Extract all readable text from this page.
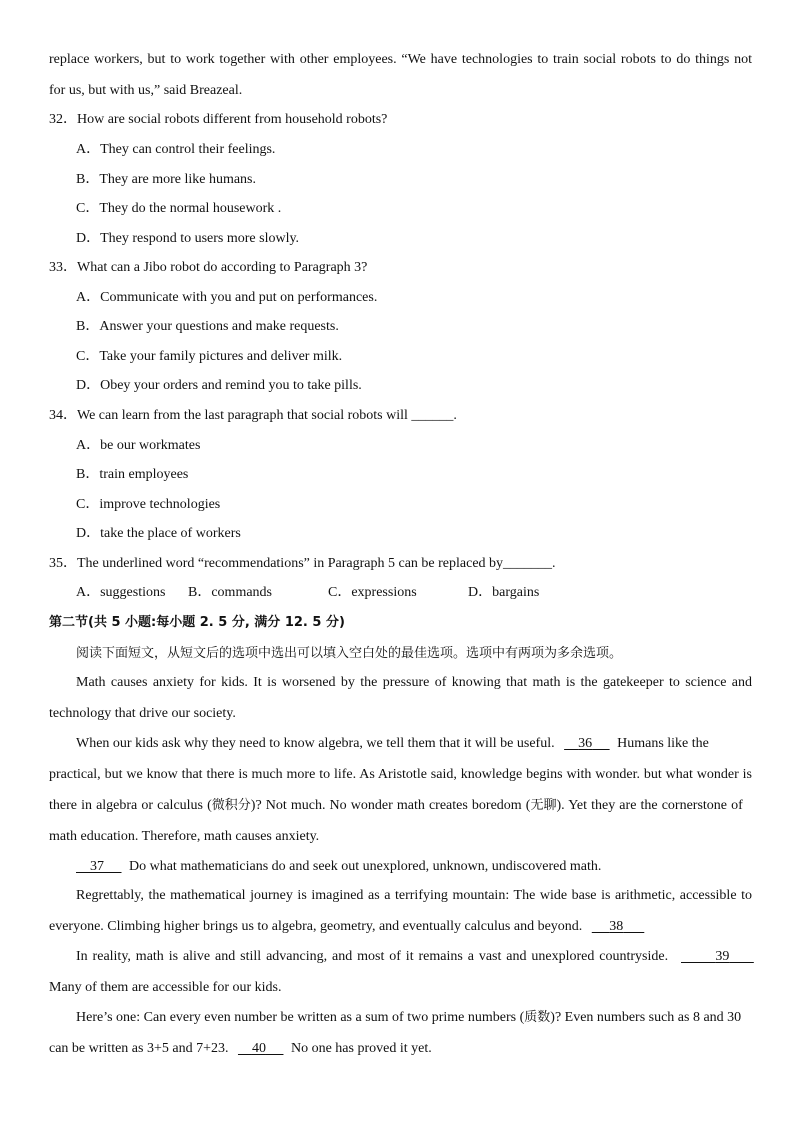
replace workers, but to work together with other employees. “We have technologies to train social robots to do things not
for us, but with us,” said Breazeal.
32．How are social robots different from household robots?
A．They can control their feelings.
B．They are more like humans.
C．They do the normal housework .
D．They respond to users more slowly.
33．What can a Jibo robot do according to Paragraph 3?
A．Communicate with you and put on performances.
B．Answer your questions and make requests.
C．Take your family pictures and deliver milk.
D．Obey your orders and remind you to take pills.
34．We can learn from the last paragraph that social robots will ______.
A．be our workmates
B．train employees
C．improve technologies
D．take the place of workers
35．The underlined word “recommendations” in Paragraph 5 can be replaced by_______.
A．suggestions B．commands	C．expressions	D．bargains
第二节(共 5 小题:每小题 2. 5 分, 满分 12. 5 分)
阅读下面短文，从短文后的选项中选出可以填入空白处的最佳选项。选项中有两项为多余选项。
Math causes anxiety for kids. It is worsened by the pressure of knowing that math is the gatekeeper to science and
technology that drive our society.
When our kids ask why they need to know algebra, we tell them that it will be useful. 36 Humans like the
practical, but we know that there is much more to life. As Aristotle said, knowledge begins with wonder. but what wonder is
there in algebra or calculus (微积分)? Not much. No wonder math creates boredom (无聊). Yet they are the cornerstone of
math education. Therefore, math causes anxiety.
37 Do what mathematicians do and seek out unexplored, unknown, undiscovered math.
Regrettably, the mathematical journey is imagined as a terrifying mountain: The wide base is arithmetic, accessible to
everyone. Climbing higher brings us to algebra, geometry, and eventually calculus and beyond. 38
In reality, math is alive and still advancing, and most of it remains a vast and unexplored countryside.	39
Many of them are accessible for our kids.
Here’s one: Can every even number be written as a sum of two prime numbers (质数)? Even numbers such as 8 and 30
can be written as 3+5 and 7+23. 40 No one has proved it yet.
